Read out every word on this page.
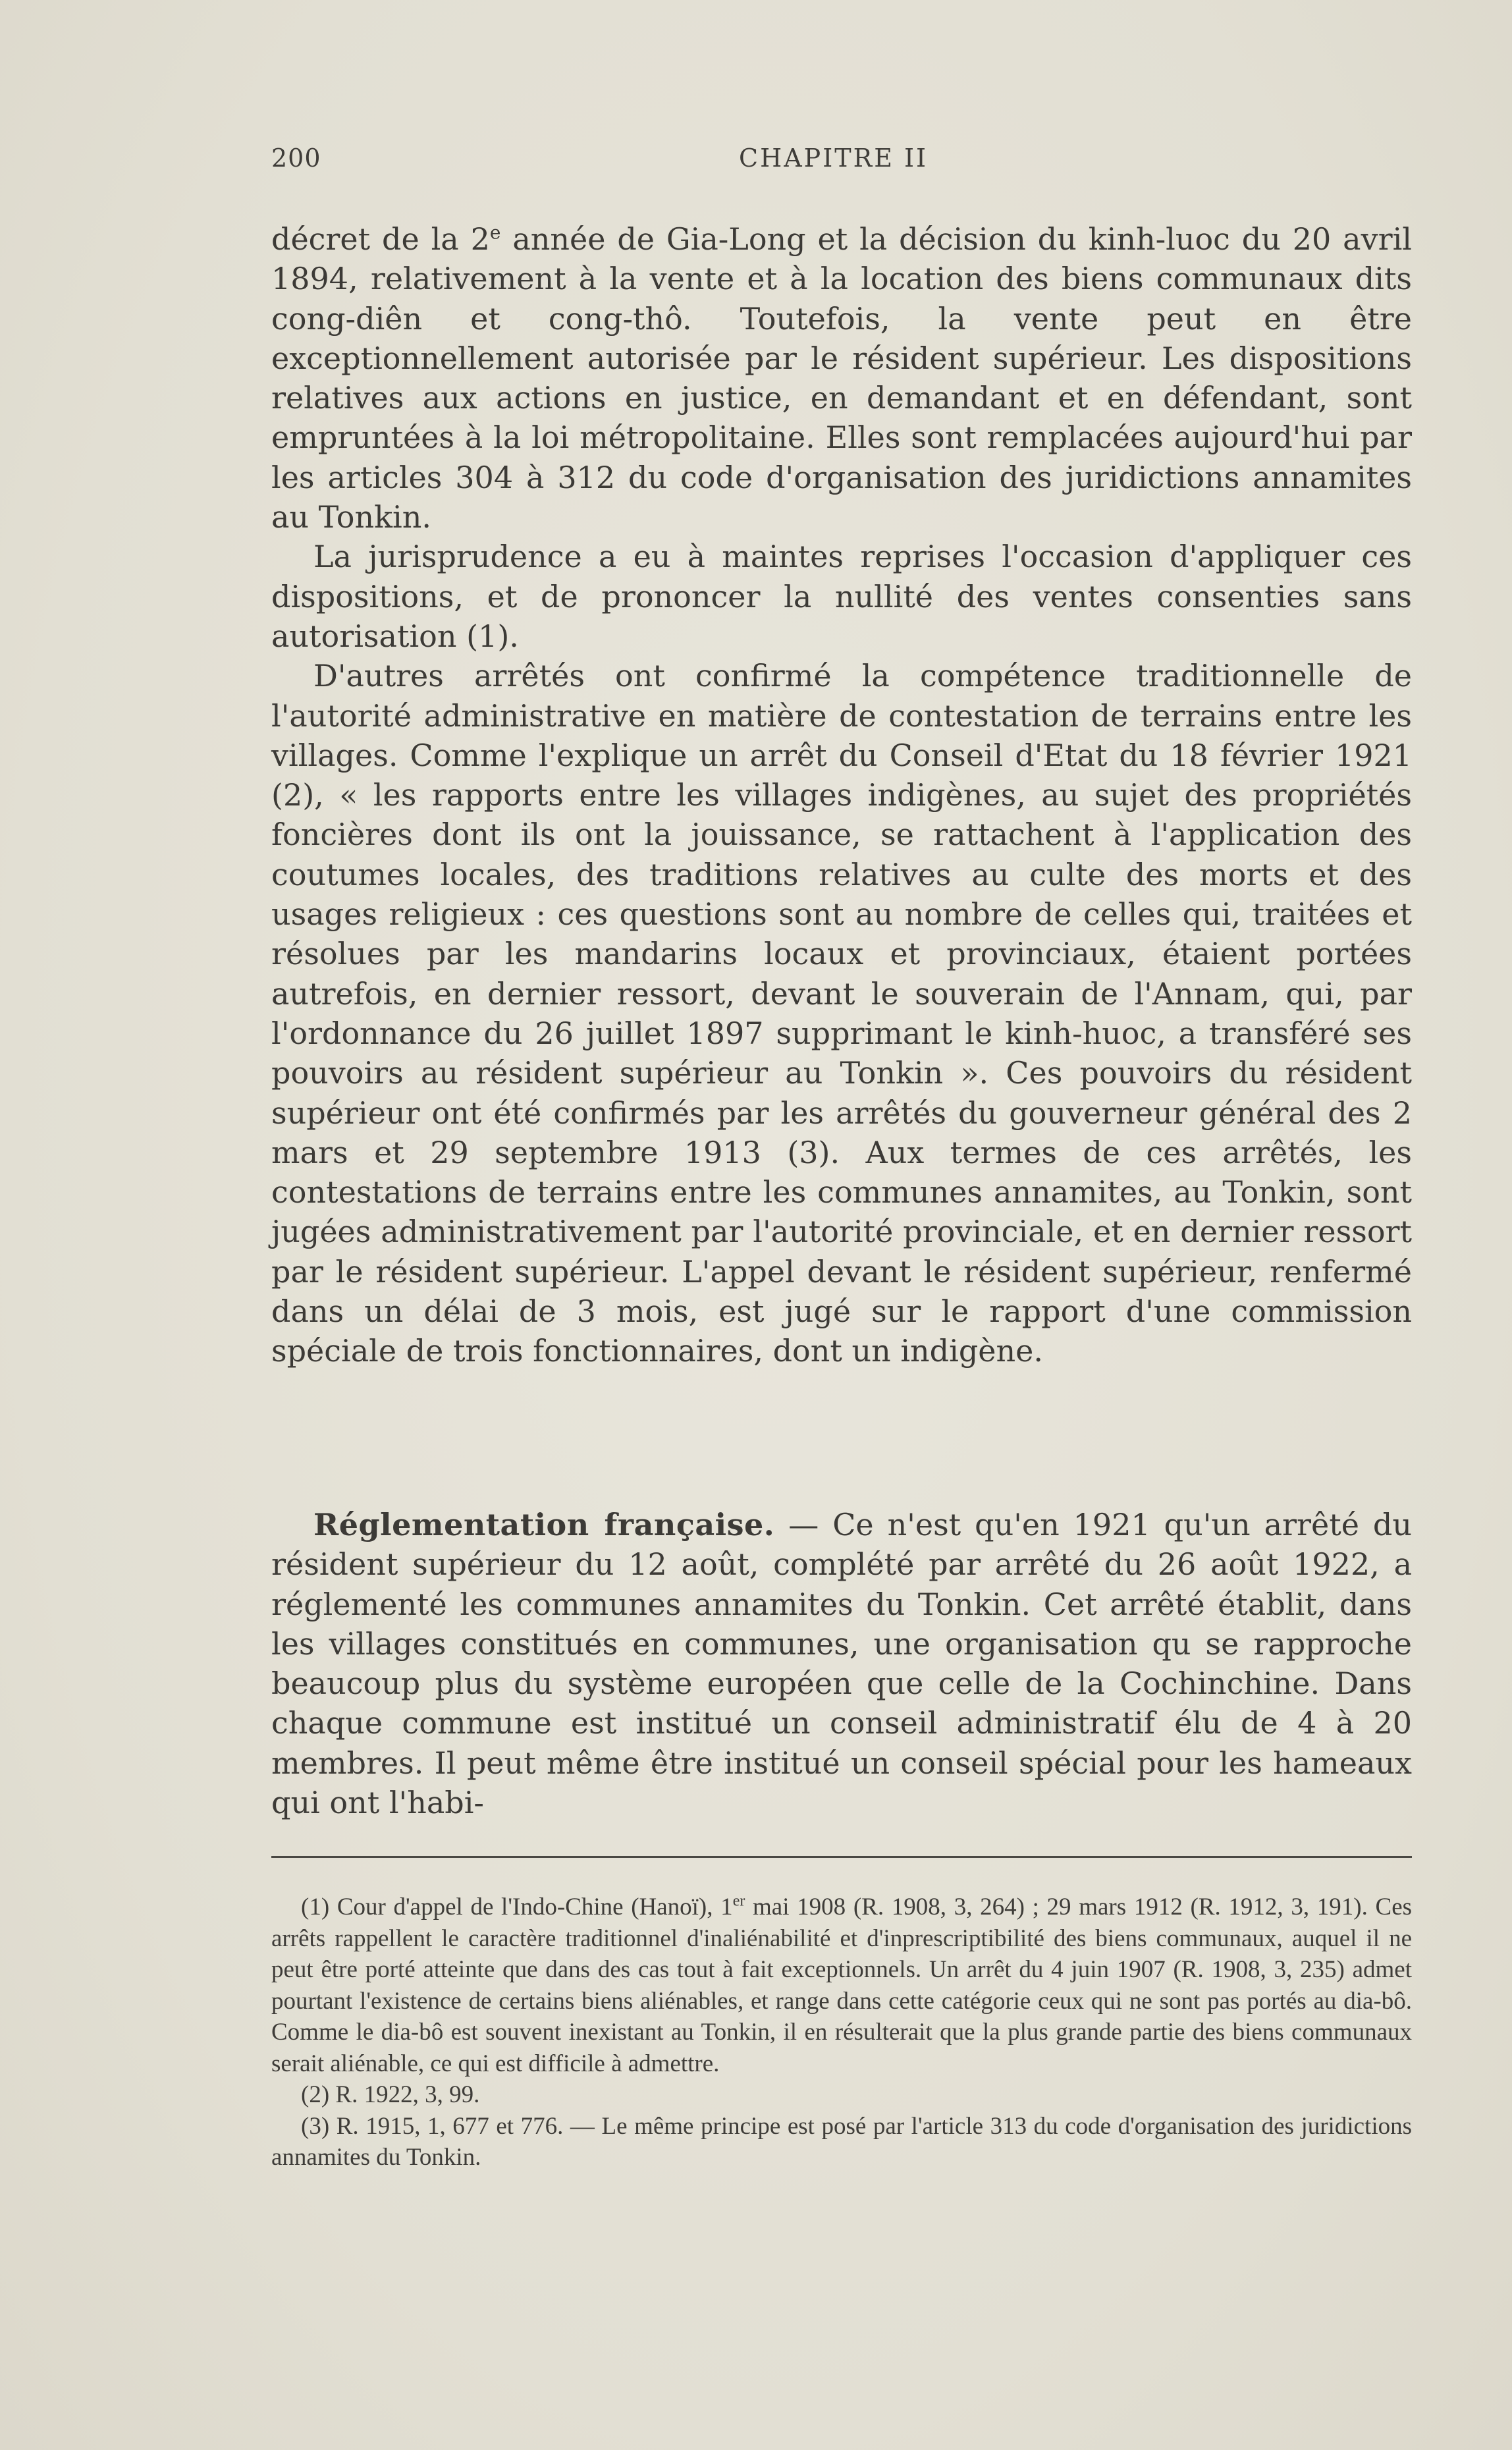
200	CHAPITRE II

décret de la 2e année de Gia-Long et la décision du kinh-luoc du 20 avril 1894, relativement à la vente et à la location des biens communaux dits cong-diên et cong-thô. Toutefois, la vente peut en être exceptionnellement autorisée par le résident supérieur. Les dispositions relatives aux actions en justice, en demandant et en défendant, sont empruntées à la loi métropolitaine. Elles sont remplacées aujourd'hui par les articles 304 à 312 du code d'organisation des juridictions annamites au Tonkin.

La jurisprudence a eu à maintes reprises l'occasion d'appliquer ces dispositions, et de prononcer la nullité des ventes consenties sans autorisation (1).

D'autres arrêtés ont confirmé la compétence traditionnelle de l'autorité administrative en matière de contestation de terrains entre les villages. Comme l'explique un arrêt du Conseil d'Etat du 18 février 1921 (2), « les rapports entre les villages indigènes, au sujet des propriétés foncières dont ils ont la jouissance, se rattachent à l'application des coutumes locales, des traditions relatives au culte des morts et des usages religieux : ces questions sont au nombre de celles qui, traitées et résolues par les mandarins locaux et provinciaux, étaient portées autrefois, en dernier ressort, devant le souverain de l'Annam, qui, par l'ordonnance du 26 juillet 1897 supprimant le kinh-huoc, a transféré ses pouvoirs au résident supérieur au Tonkin ». Ces pouvoirs du résident supérieur ont été confirmés par les arrêtés du gouverneur général des 2 mars et 29 septembre 1913 (3). Aux termes de ces arrêtés, les contestations de terrains entre les communes annamites, au Tonkin, sont jugées administrativement par l'autorité provinciale, et en dernier ressort par le résident supérieur. L'appel devant le résident supérieur, renfermé dans un délai de 3 mois, est jugé sur le rapport d'une commission spéciale de trois fonctionnaires, dont un indigène.

Réglementation française. — Ce n'est qu'en 1921 qu'un arrêté du résident supérieur du 12 août, complété par arrêté du 26 août 1922, a réglementé les communes annamites du Tonkin. Cet arrêté établit, dans les villages constitués en communes, une organisation qu se rapproche beaucoup plus du système européen que celle de la Cochinchine. Dans chaque commune est institué un conseil administratif élu de 4 à 20 membres. Il peut même être institué un conseil spécial pour les hameaux qui ont l'habi-

(1) Cour d'appel de l'Indo-Chine (Hanoï), 1er mai 1908 (R. 1908, 3, 264) ; 29 mars 1912 (R. 1912, 3, 191). Ces arrêts rappellent le caractère traditionnel d'inaliénabilité et d'inprescriptibilité des biens communaux, auquel il ne peut être porté atteinte que dans des cas tout à fait exceptionnels. Un arrêt du 4 juin 1907 (R. 1908, 3, 235) admet pourtant l'existence de certains biens aliénables, et range dans cette catégorie ceux qui ne sont pas portés au dia-bô. Comme le dia-bô est souvent inexistant au Tonkin, il en résulterait que la plus grande partie des biens communaux serait aliénable, ce qui est difficile à admettre.

(2) R. 1922, 3, 99.

(3) R. 1915, 1, 677 et 776. — Le même principe est posé par l'article 313 du code d'organisation des juridictions annamites du Tonkin.
